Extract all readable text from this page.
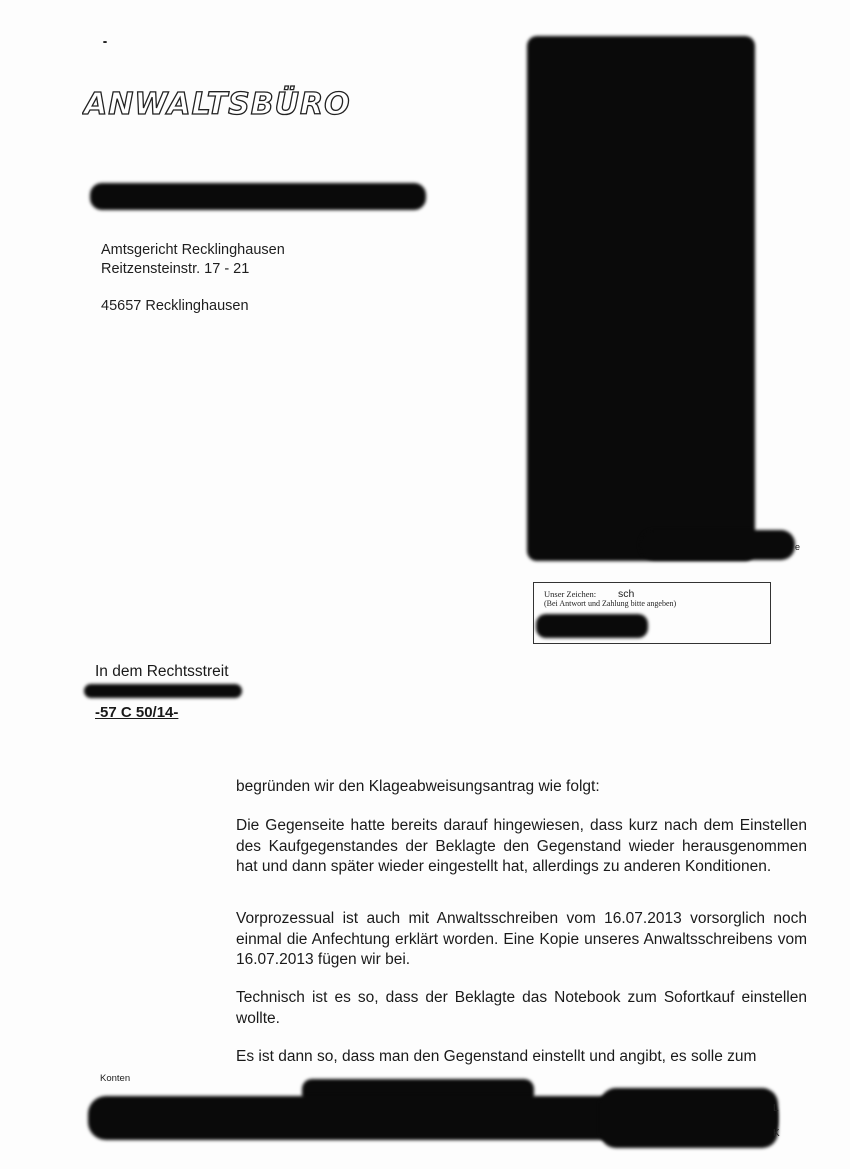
ANWALTSBÜRO
Amtsgericht Recklinghausen
Reitzensteinstr. 17 - 21
45657 Recklinghausen
e
Unser Zeichen: sch
(Bei Antwort und Zahlung bitte angeben)
In dem Rechtsstreit
-57 C 50/14-

begründen wir den Klageabweisungsantrag wie folgt:

Die Gegenseite hatte bereits darauf hingewiesen, dass kurz nach dem Einstellen des Kaufgegenstandes der Beklagte den Gegenstand wieder herausgenommen hat und dann später wieder eingestellt hat, allerdings zu anderen Konditionen.

Vorprozessual ist auch mit Anwaltsschreiben vom 16.07.2013 vorsorglich noch einmal die Anfechtung erklärt worden. Eine Kopie unseres Anwaltsschreibens vom 16.07.2013 fügen wir bei.

Technisch ist es so, dass der Beklagte das Notebook zum Sofortkauf einstellen wollte.

Es ist dann so, dass man den Gegenstand einstellt und angibt, es solle zum

Konten
L
K
